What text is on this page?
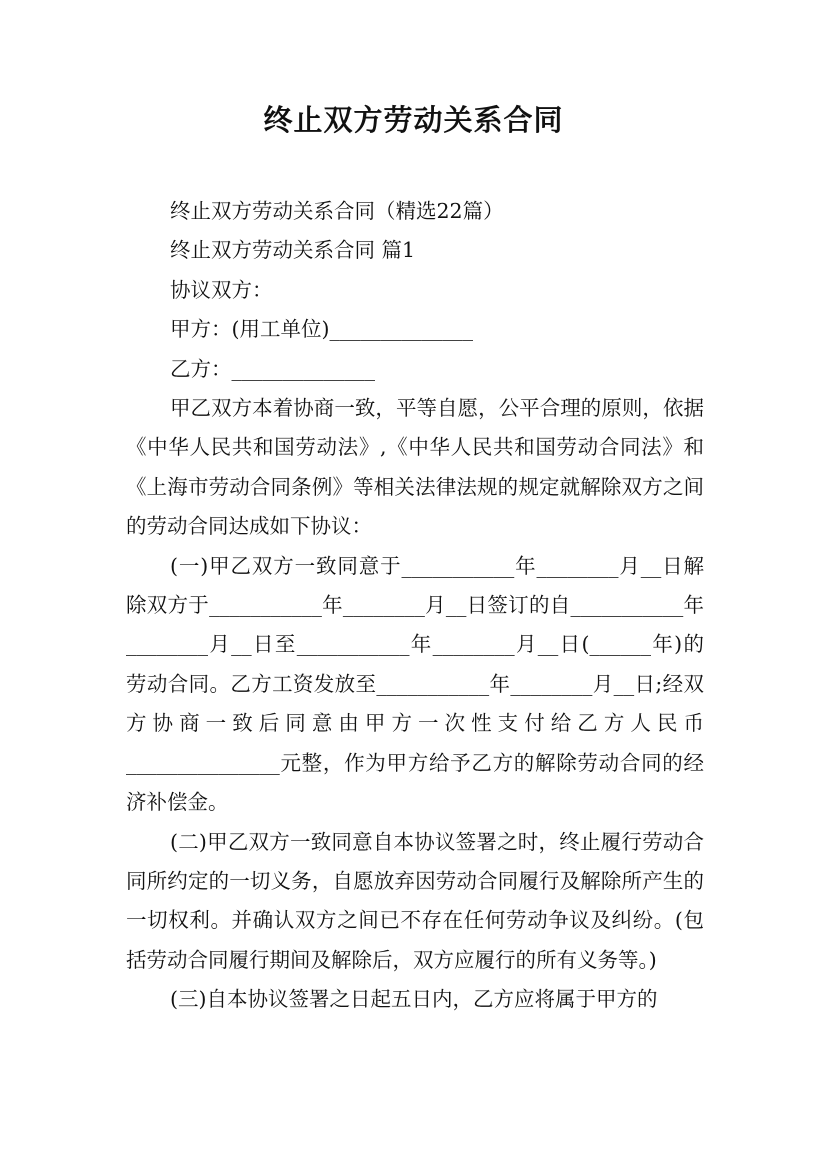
终止双方劳动关系合同
终止双方劳动关系合同（精选22篇）
终止双方劳动关系合同 篇1
协议双方：
甲方：(用工单位)______________
乙方：______________

甲乙双方本着协商一致，平等自愿，公平合理的原则，依据《中华人民共和国劳动法》,《中华人民共和国劳动合同法》和《上海市劳动合同条例》等相关法律法规的规定就解除双方之间的劳动合同达成如下协议：

(一)甲乙双方一致同意于___________年________月__日解除双方于___________年________月__日签订的自___________年________月__日至___________年________月__日(______年)的劳动合同。乙方工资发放至___________年________月__日;经双方协商一致后同意由甲方一次性支付给乙方人民币_______________元整，作为甲方给予乙方的解除劳动合同的经济补偿金。

(二)甲乙双方一致同意自本协议签署之时，终止履行劳动合同所约定的一切义务，自愿放弃因劳动合同履行及解除所产生的一切权利。并确认双方之间已不存在任何劳动争议及纠纷。(包括劳动合同履行期间及解除后，双方应履行的所有义务等。)

(三)自本协议签署之日起五日内，乙方应将属于甲方的
